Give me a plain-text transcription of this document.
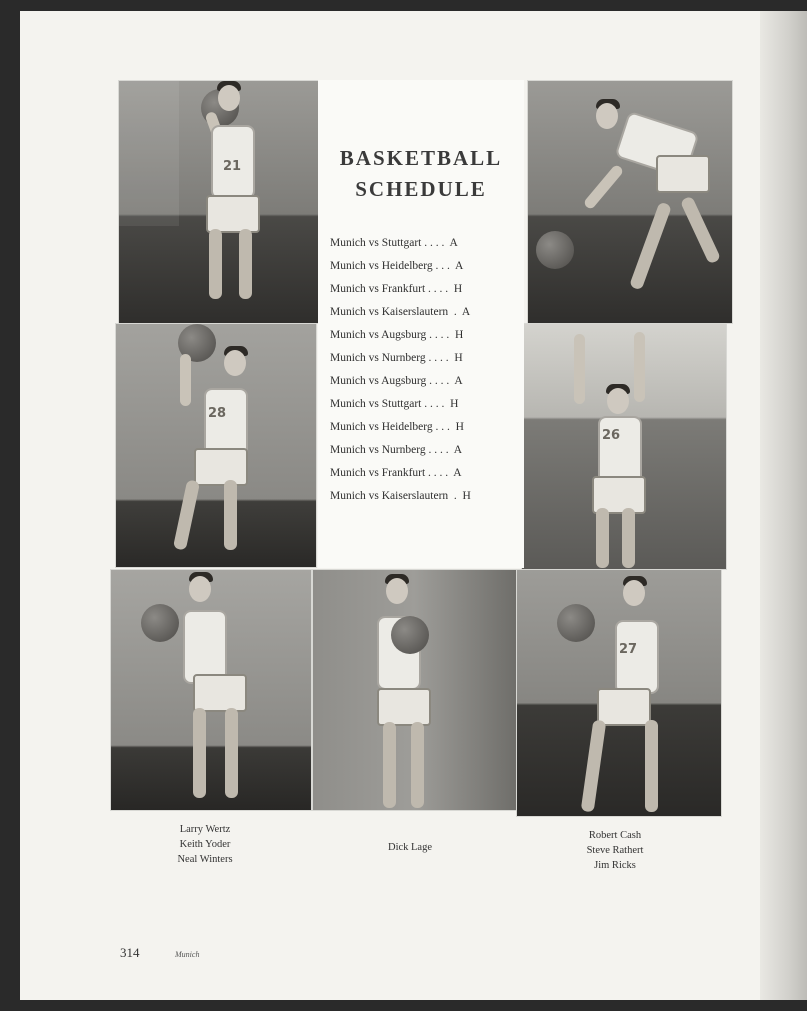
21
28
26
27
BASKETBALL
SCHEDULE
Munich vs Stuttgart . . . .  A
Munich vs Heidelberg . . .  A
Munich vs Frankfurt . . . .  H
Munich vs Kaiserslautern  .  A
Munich vs Augsburg . . . .  H
Munich vs Nurnberg . . . .  H
Munich vs Augsburg . . . .  A
Munich vs Stuttgart . . . .  H
Munich vs Heidelberg . . .  H
Munich vs Nurnberg . . . .  A
Munich vs Frankfurt . . . .  A
Munich vs Kaiserslautern  .  H
Larry Wertz
Keith Yoder
Neal Winters
Dick Lage
Robert Cash
Steve Rathert
Jim Ricks
314	Munich
